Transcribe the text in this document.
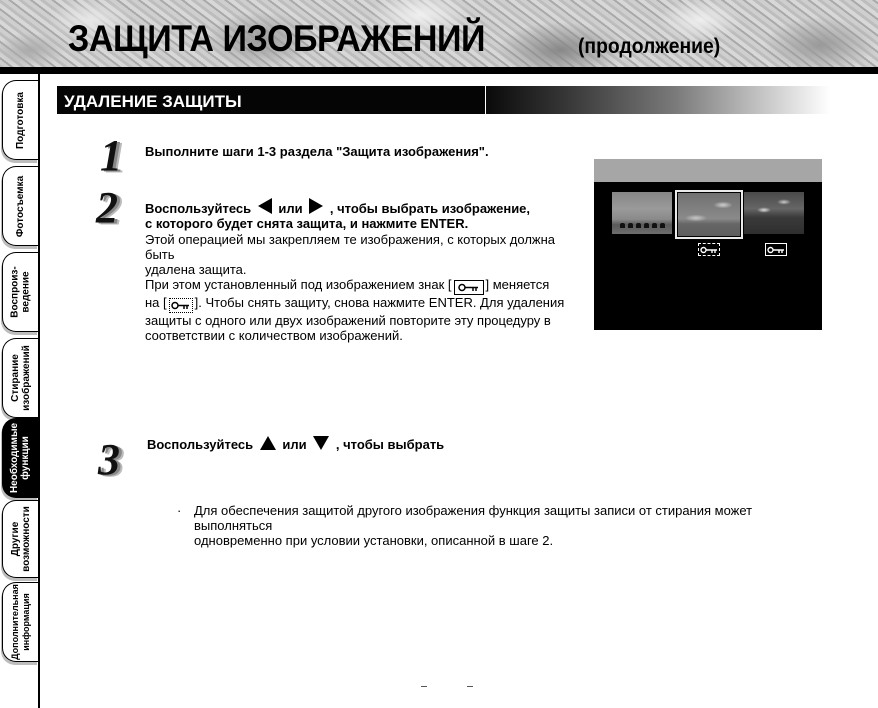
ЗАЩИТА ИЗОБРАЖЕНИЙ	(продолжение)
Подготовка
Фотосъемка
Воспроиз- ведение
Стирание изображений
Необходимые функции
Другие возможности
Дополнительная информация
УДАЛЕНИЕ ЗАЩИТЫ
1 Выполните шаги 1-3 раздела "Защита изображения".
2 Воспользуйтесь или , чтобы выбрать изображение,
с которого будет снята защита, и нажмите ENTER.
Этой операцией мы закрепляем те изображения, с которых должна быть
удалена защита.
При этом установленный под изображением знак [	] меняется
на [ ]. Чтобы снять защиту, снова нажмите ENTER. Для удаления
защиты с одного или двух изображений повторите эту процедуру в
соответствии с количеством изображений.
3 Воспользуйтесь или , чтобы выбрать
· Для обеспечения защитой другого изображения функция защиты записи от стирания может выполняться
одновременно при условии установки, описанной в шаге 2.
